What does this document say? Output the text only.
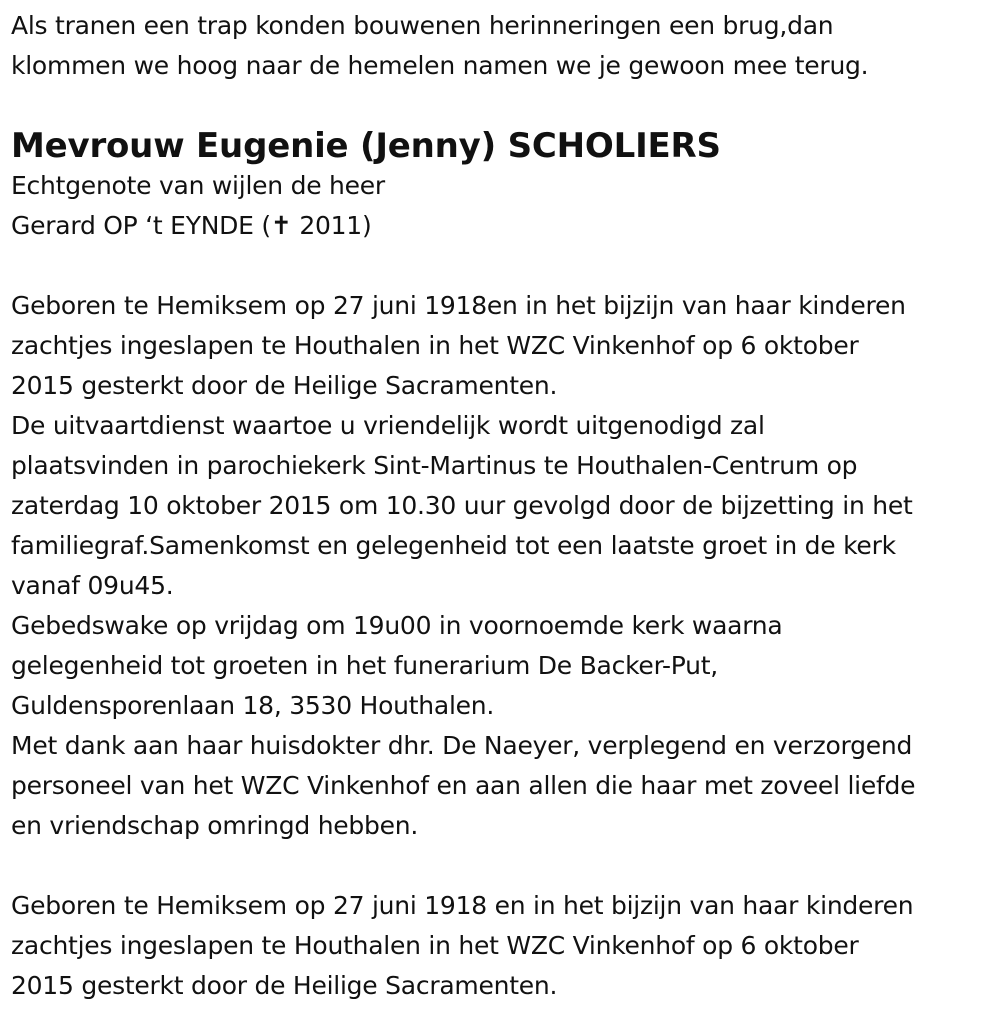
Als tranen een trap konden bouwenen herinneringen een brug,dan
klommen we hoog naar de hemelen namen we je gewoon mee terug.
Mevrouw Eugenie (Jenny) SCHOLIERS
Echtgenote van wijlen de heer
Gerard OP ‘t EYNDE (✝ 2011)
Geboren te Hemiksem op 27 juni 1918en in het bijzijn van haar kinderen
zachtjes ingeslapen te Houthalen in het WZC Vinkenhof op 6 oktober
2015 gesterkt door de Heilige Sacramenten.
De uitvaartdienst waartoe u vriendelijk wordt uitgenodigd zal
plaatsvinden in parochiekerk Sint-Martinus te Houthalen-Centrum op
zaterdag 10 oktober 2015 om 10.30 uur gevolgd door de bijzetting in het
familiegraf.Samenkomst en gelegenheid tot een laatste groet in de kerk
vanaf 09u45.
Gebedswake op vrijdag om 19u00 in voornoemde kerk waarna
gelegenheid tot groeten in het funerarium De Backer-Put,
Guldensporenlaan 18, 3530 Houthalen.
Met dank aan haar huisdokter dhr. De Naeyer, verplegend en verzorgend
personeel van het WZC Vinkenhof en aan allen die haar met zoveel liefde
en vriendschap omringd hebben.
Geboren te Hemiksem op 27 juni 1918 en in het bijzijn van haar kinderen
zachtjes ingeslapen te Houthalen in het WZC Vinkenhof op 6 oktober
2015 gesterkt door de Heilige Sacramenten.
